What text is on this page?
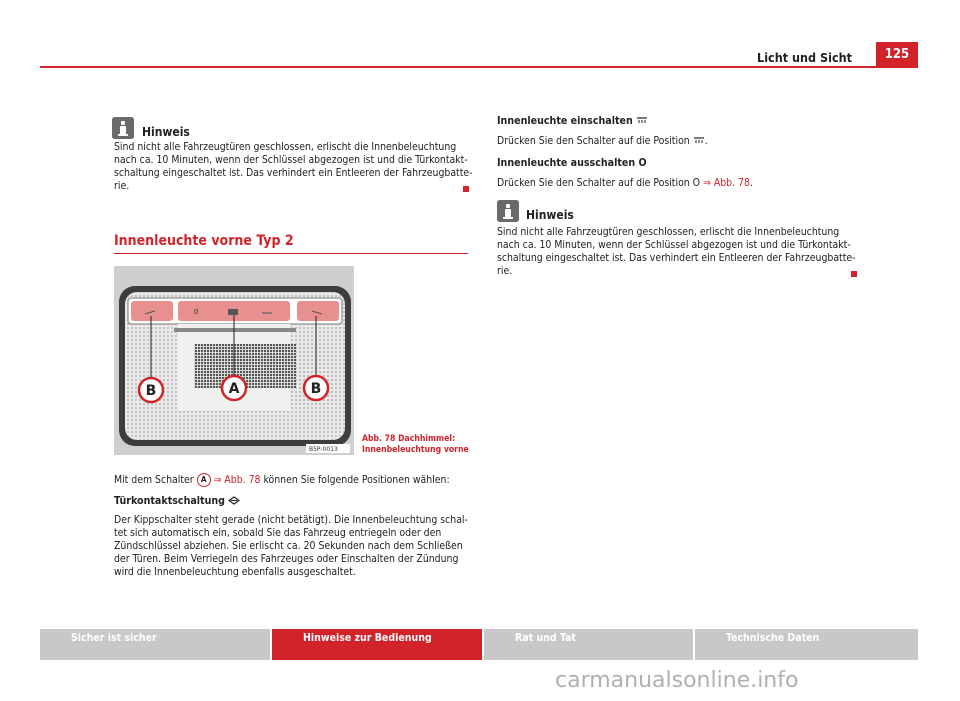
Licht und Sicht	125
Hinweis
Sind nicht alle Fahrzeugtüren geschlossen, erlischt die Innenbeleuchtung
nach ca. 10 Minuten, wenn der Schlüssel abgezogen ist und die Türkontakt-
schaltung eingeschaltet ist. Das verhindert ein Entleeren der Fahrzeugbatte-
rie.
Innenleuchte vorne Typ 2
0
B	A	B
B5P-0013
Abb. 78 Dachhimmel:
Innenbeleuchtung vorne
Mit dem Schalter A ⇒ Abb. 78 können Sie folgende Positionen wählen:
Türkontaktschaltung
Der Kippschalter steht gerade (nicht betätigt). Die Innenbeleuchtung schal-
tet sich automatisch ein, sobald Sie das Fahrzeug entriegeln oder den
Zündschlüssel abziehen. Sie erlischt ca. 20 Sekunden nach dem Schließen
der Türen. Beim Verriegeln des Fahrzeuges oder Einschalten der Zündung
wird die Innenbeleuchtung ebenfalls ausgeschaltet.
Innenleuchte einschalten
Drücken Sie den Schalter auf die Position .
Innenleuchte ausschalten O
Drücken Sie den Schalter auf die Position O ⇒ Abb. 78.
Hinweis
Sind nicht alle Fahrzeugtüren geschlossen, erlischt die Innenbeleuchtung
nach ca. 10 Minuten, wenn der Schlüssel abgezogen ist und die Türkontakt-
schaltung eingeschaltet ist. Das verhindert ein Entleeren der Fahrzeugbatte-
rie.
Sicher ist sicher	Hinweise zur Bedienung	Rat und Tat	Technische Daten
carmanualsonline.info
